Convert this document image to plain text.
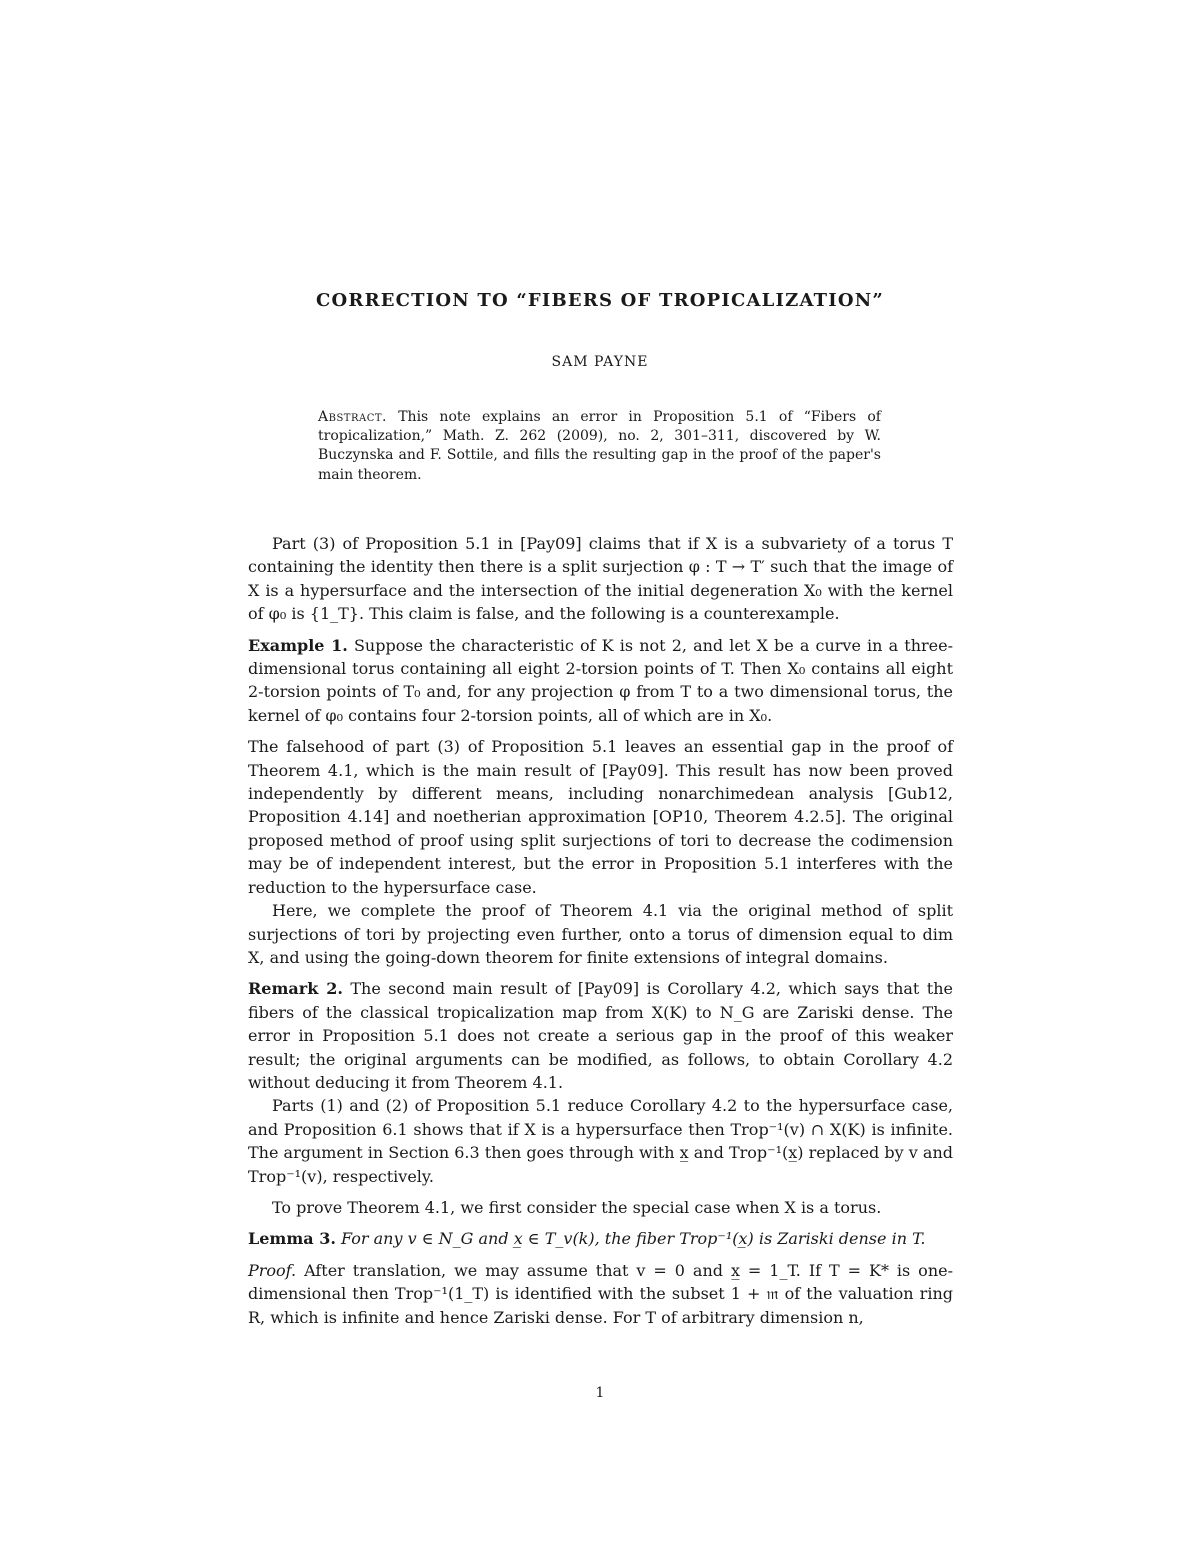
CORRECTION TO “FIBERS OF TROPICALIZATION”
SAM PAYNE
Abstract. This note explains an error in Proposition 5.1 of “Fibers of tropicalization,” Math. Z. 262 (2009), no. 2, 301–311, discovered by W. Buczynska and F. Sottile, and fills the resulting gap in the proof of the paper's main theorem.

Part (3) of Proposition 5.1 in [Pay09] claims that if X is a subvariety of a torus T containing the identity then there is a split surjection φ : T → T′ such that the image of X is a hypersurface and the intersection of the initial degeneration X₀ with the kernel of φ₀ is {1_T}. This claim is false, and the following is a counterexample.

Example 1. Suppose the characteristic of K is not 2, and let X be a curve in a three-dimensional torus containing all eight 2-torsion points of T. Then X₀ contains all eight 2-torsion points of T₀ and, for any projection φ from T to a two dimensional torus, the kernel of φ₀ contains four 2-torsion points, all of which are in X₀.

The falsehood of part (3) of Proposition 5.1 leaves an essential gap in the proof of Theorem 4.1, which is the main result of [Pay09]. This result has now been proved independently by different means, including nonarchimedean analysis [Gub12, Proposition 4.14] and noetherian approximation [OP10, Theorem 4.2.5]. The original proposed method of proof using split surjections of tori to decrease the codimension may be of independent interest, but the error in Proposition 5.1 interferes with the reduction to the hypersurface case.

Here, we complete the proof of Theorem 4.1 via the original method of split surjections of tori by projecting even further, onto a torus of dimension equal to dim X, and using the going-down theorem for finite extensions of integral domains.

Remark 2. The second main result of [Pay09] is Corollary 4.2, which says that the fibers of the classical tropicalization map from X(K) to N_G are Zariski dense. The error in Proposition 5.1 does not create a serious gap in the proof of this weaker result; the original arguments can be modified, as follows, to obtain Corollary 4.2 without deducing it from Theorem 4.1.

Parts (1) and (2) of Proposition 5.1 reduce Corollary 4.2 to the hypersurface case, and Proposition 6.1 shows that if X is a hypersurface then Trop⁻¹(v) ∩ X(K) is infinite. The argument in Section 6.3 then goes through with x̲ and Trop⁻¹(x̲) replaced by v and Trop⁻¹(v), respectively.

To prove Theorem 4.1, we first consider the special case when X is a torus.

Lemma 3. For any v ∈ N_G and x̲ ∈ T_v(k), the fiber Trop⁻¹(x̲) is Zariski dense in T.

Proof. After translation, we may assume that v = 0 and x̲ = 1_T. If T = K* is one-dimensional then Trop⁻¹(1_T) is identified with the subset 1 + 𝔪 of the valuation ring R, which is infinite and hence Zariski dense. For T of arbitrary dimension n,

1
